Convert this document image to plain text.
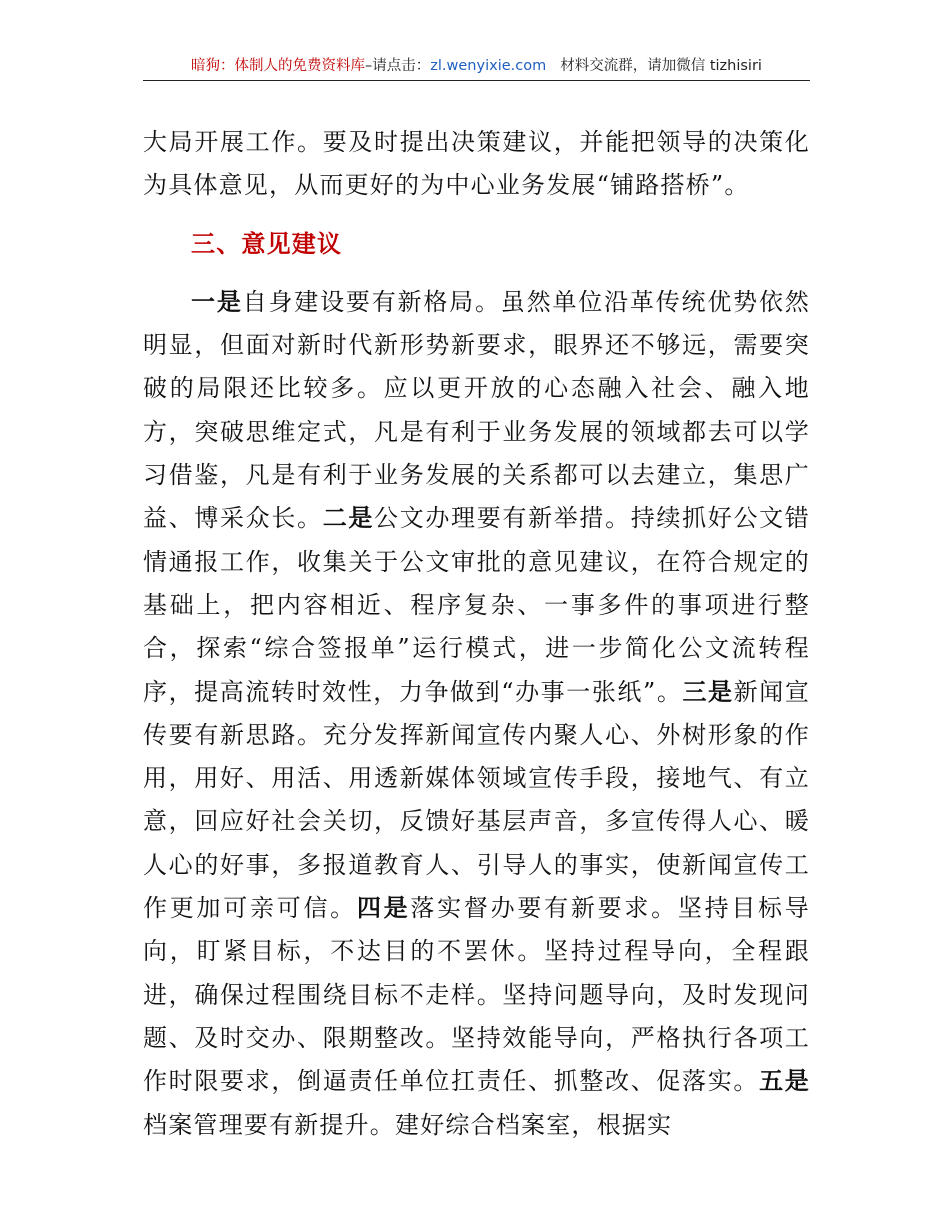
暗狗：体制人的免费资料库–请点击：zl.wenyixie.com 材料交流群，请加微信 tizhisiri

大局开展工作。要及时提出决策建议，并能把领导的决策化为具体意见，从而更好的为中心业务发展“铺路搭桥”。

三、意见建议

一是自身建设要有新格局。虽然单位沿革传统优势依然明显，但面对新时代新形势新要求，眼界还不够远，需要突破的局限还比较多。应以更开放的心态融入社会、融入地方，突破思维定式，凡是有利于业务发展的领域都去可以学习借鉴，凡是有利于业务发展的关系都可以去建立，集思广益、博采众长。二是公文办理要有新举措。持续抓好公文错情通报工作，收集关于公文审批的意见建议，在符合规定的基础上，把内容相近、程序复杂、一事多件的事项进行整合，探索“综合签报单”运行模式，进一步简化公文流转程序，提高流转时效性，力争做到“办事一张纸”。三是新闻宣传要有新思路。充分发挥新闻宣传内聚人心、外树形象的作用，用好、用活、用透新媒体领域宣传手段，接地气、有立意，回应好社会关切，反馈好基层声音，多宣传得人心、暖人心的好事，多报道教育人、引导人的事实，使新闻宣传工作更加可亲可信。四是落实督办要有新要求。坚持目标导向，盯紧目标，不达目的不罢休。坚持过程导向，全程跟进，确保过程围绕目标不走样。坚持问题导向，及时发现问题、及时交办、限期整改。坚持效能导向，严格执行各项工作时限要求，倒逼责任单位扛责任、抓整改、促落实。五是档案管理要有新提升。建好综合档案室，根据实
